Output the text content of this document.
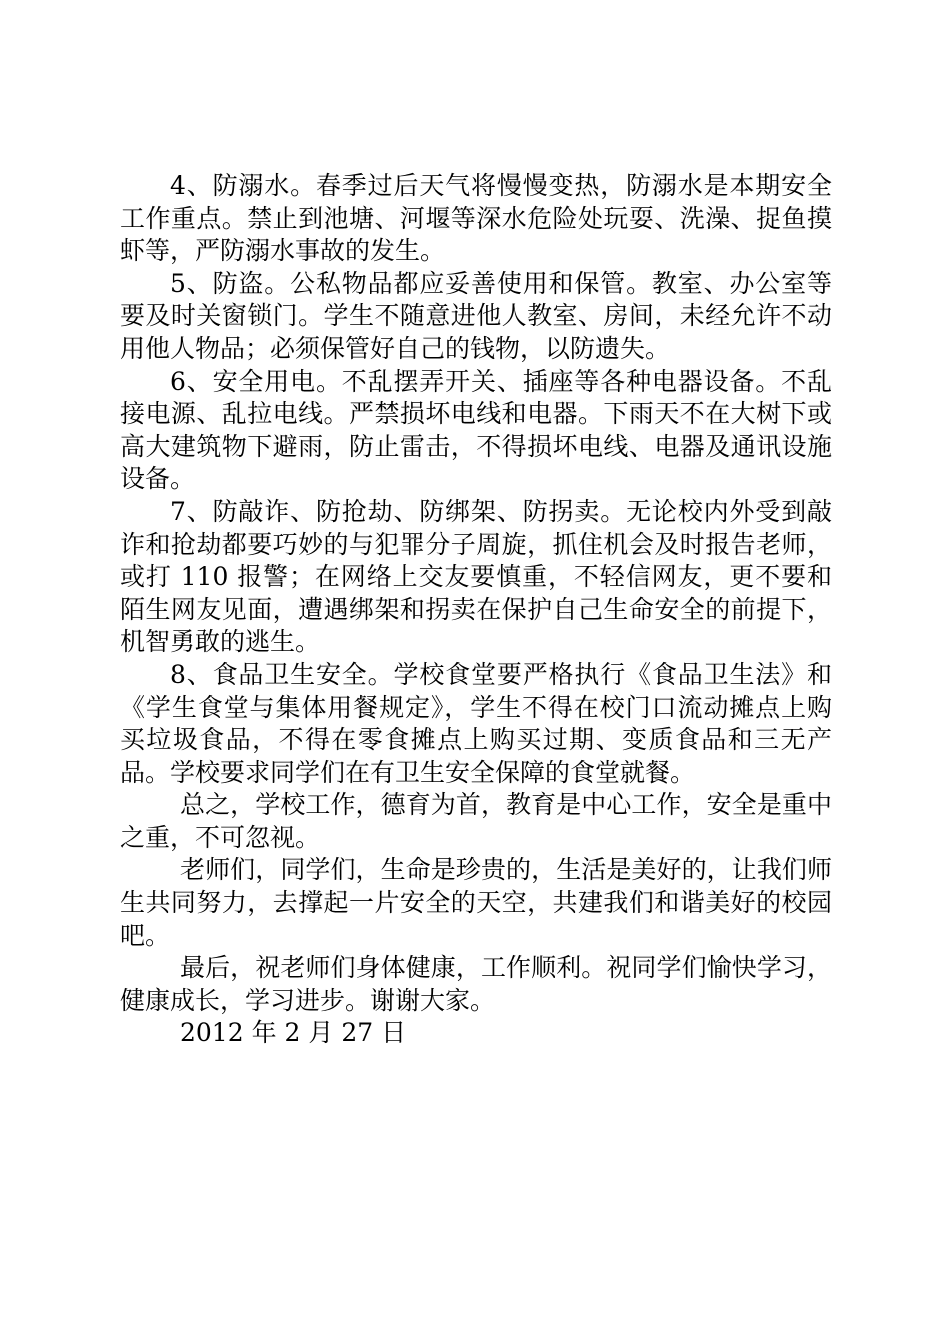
4、防溺水。春季过后天气将慢慢变热，防溺水是本期安全工作重点。禁止到池塘、河堰等深水危险处玩耍、洗澡、捉鱼摸虾等，严防溺水事故的发生。

5、防盗。公私物品都应妥善使用和保管。教室、办公室等要及时关窗锁门。学生不随意进他人教室、房间，未经允许不动用他人物品；必须保管好自己的钱物，以防遗失。

6、安全用电。不乱摆弄开关、插座等各种电器设备。不乱接电源、乱拉电线。严禁损坏电线和电器。下雨天不在大树下或高大建筑物下避雨，防止雷击，不得损坏电线、电器及通讯设施设备。

7、防敲诈、防抢劫、防绑架、防拐卖。无论校内外受到敲诈和抢劫都要巧妙的与犯罪分子周旋，抓住机会及时报告老师，或打 110 报警；在网络上交友要慎重，不轻信网友，更不要和陌生网友见面，遭遇绑架和拐卖在保护自己生命安全的前提下，机智勇敢的逃生。

8、食品卫生安全。学校食堂要严格执行《食品卫生法》和《学生食堂与集体用餐规定》，学生不得在校门口流动摊点上购买垃圾食品，不得在零食摊点上购买过期、变质食品和三无产品。学校要求同学们在有卫生安全保障的食堂就餐。

总之，学校工作，德育为首，教育是中心工作，安全是重中之重，不可忽视。

老师们，同学们，生命是珍贵的，生活是美好的，让我们师生共同努力，去撑起一片安全的天空，共建我们和谐美好的校园吧。

最后，祝老师们身体健康，工作顺利。祝同学们愉快学习，健康成长，学习进步。谢谢大家。

2012 年 2 月 27 日
